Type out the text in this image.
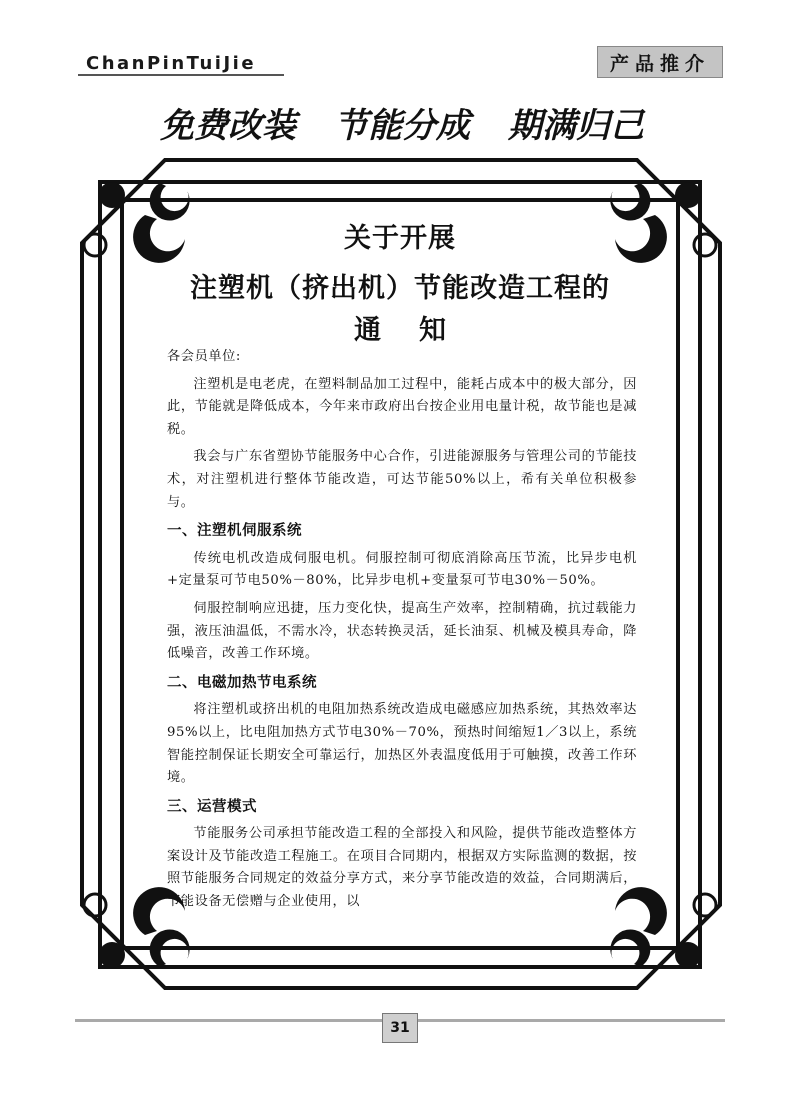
ChanPinTuiJie	产品推介
免费改装 节能分成 期满归己
关于开展
注塑机（挤出机）节能改造工程的
通知

各会员单位:

注塑机是电老虎，在塑料制品加工过程中，能耗占成本中的极大部分，因此，节能就是降低成本，今年来市政府出台按企业用电量计税，故节能也是减税。

我会与广东省塑协节能服务中心合作，引进能源服务与管理公司的节能技术，对注塑机进行整体节能改造，可达节能50%以上，希有关单位积极参与。

一、注塑机伺服系统

传统电机改造成伺服电机。伺服控制可彻底消除高压节流，比异步电机+定量泵可节电50%－80%，比异步电机+变量泵可节电30%－50%。

伺服控制响应迅捷，压力变化快，提高生产效率，控制精确，抗过载能力强，液压油温低，不需水冷，状态转换灵活，延长油泵、机械及模具寿命，降低噪音，改善工作环境。

二、电磁加热节电系统

将注塑机或挤出机的电阻加热系统改造成电磁感应加热系统，其热效率达95%以上，比电阻加热方式节电30%－70%，预热时间缩短1／3以上，系统智能控制保证长期安全可靠运行，加热区外表温度低用于可触摸，改善工作环境。

三、运营模式

节能服务公司承担节能改造工程的全部投入和风险，提供节能改造整体方案设计及节能改造工程施工。在项目合同期内，根据双方实际监测的数据，按照节能服务合同规定的效益分享方式，来分享节能改造的效益，合同期满后，节能设备无偿赠与企业使用，以

31
